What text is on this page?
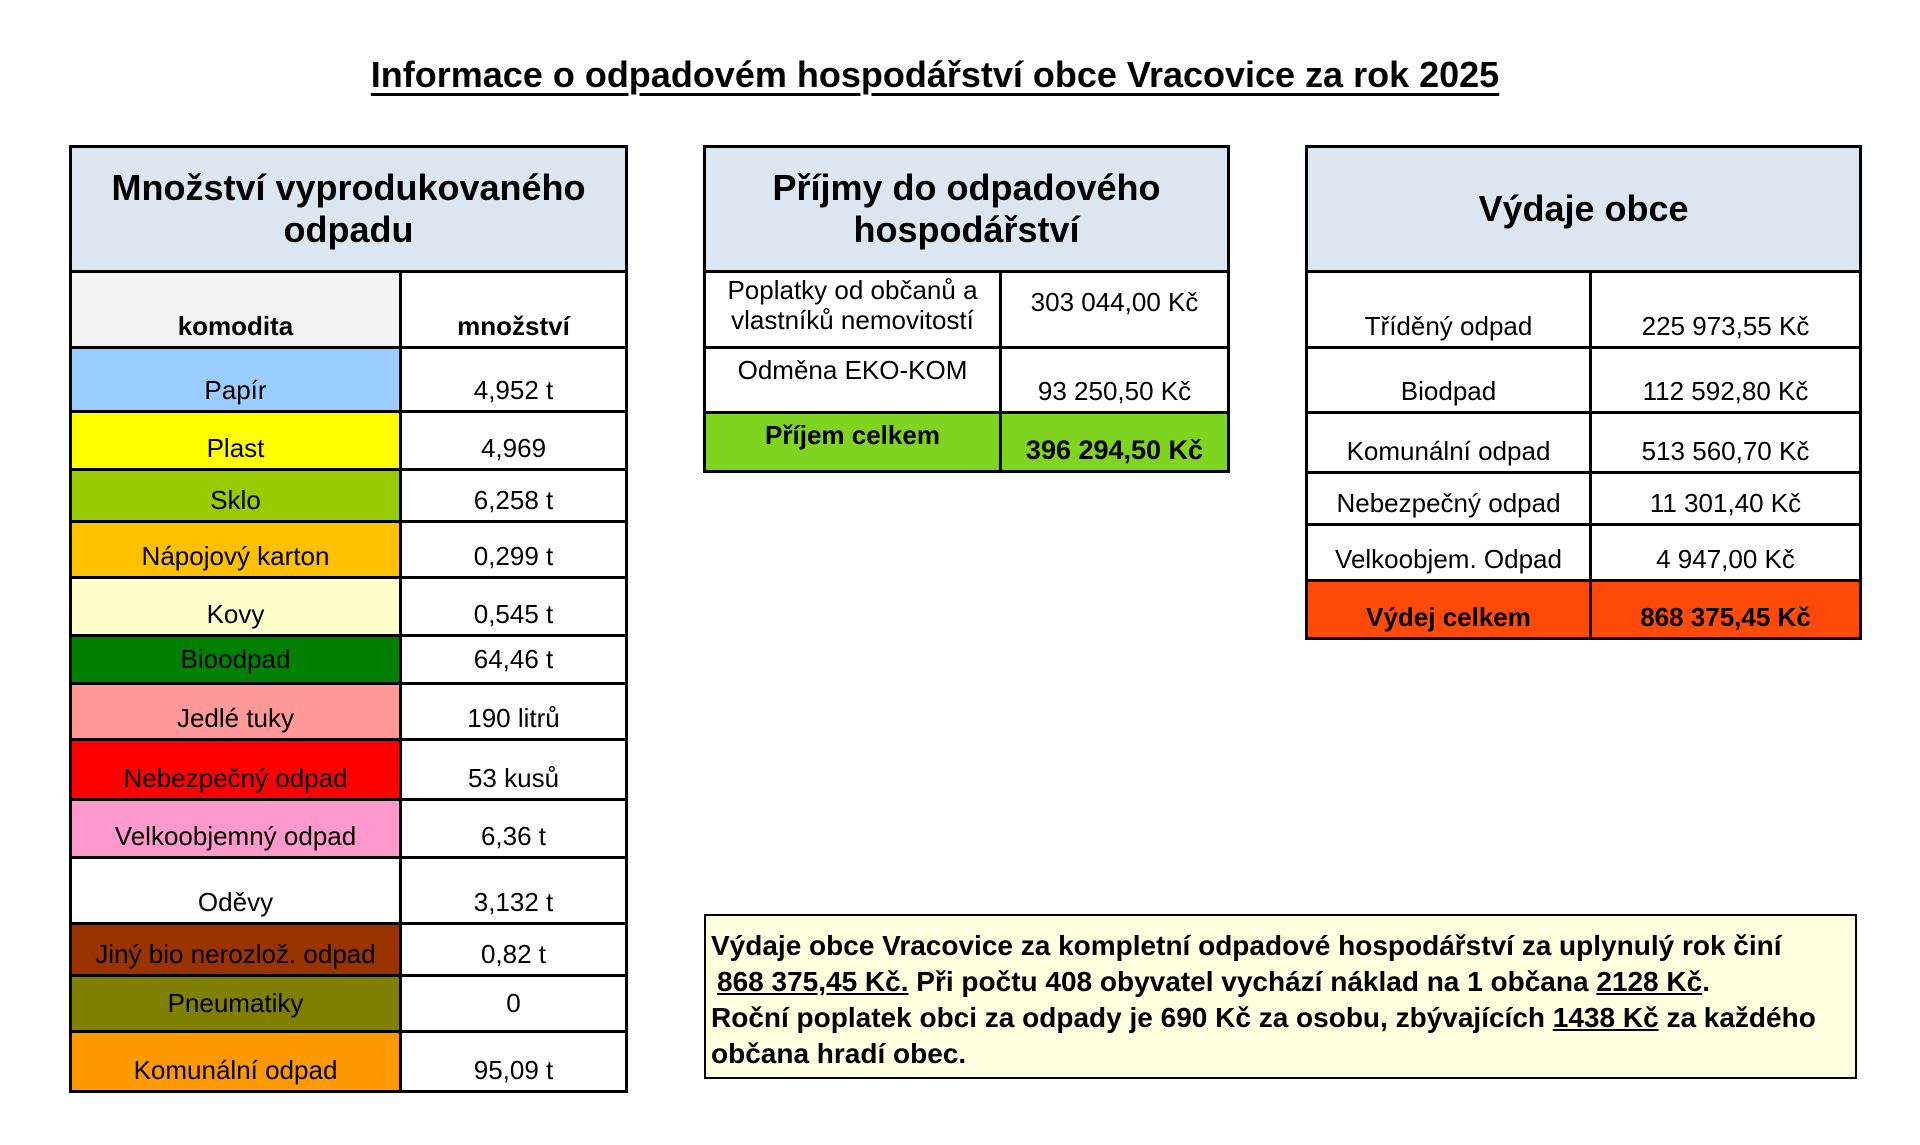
Informace o odpadovém hospodářství obce Vracovice za rok 2025
Množství vyprodukovaného odpadu	
komodita	množství
Papír	4,952 t
Plast	4,969
Sklo	6,258 t
Nápojový karton	0,299 t
Kovy	0,545 t
Bioodpad	64,46 t
Jedlé tuky	190 litrů
Nebezpečný odpad	53 kusů
Velkoobjemný odpad	6,36 t
Oděvy	3,132 t
Jiný bio nerozlož. odpad	0,82 t
Pneumatiky	0
Komunální odpad	95,09 t
Příjmy do odpadového hospodářství	
Poplatky od občanů a vlastníků nemovitostí	303 044,00 Kč
Odměna EKO-KOM	93 250,50 Kč
Příjem celkem	396 294,50 Kč
Výdaje obce	
Tříděný odpad	225 973,55 Kč
Biodpad	112 592,80 Kč
Komunální odpad	513 560,70 Kč
Nebezpečný odpad	11 301,40 Kč
Velkoobjem. Odpad	4 947,00 Kč
Výdej celkem	868 375,45 Kč
Výdaje obce Vracovice za kompletní odpadové hospodářství za uplynulý rok činí
868 375,45 Kč. Při počtu 408 obyvatel vychází náklad na 1 občana 2128 Kč.
Roční poplatek obci za odpady je 690 Kč za osobu, zbývajících 1438 Kč za každého občana hradí obec.
